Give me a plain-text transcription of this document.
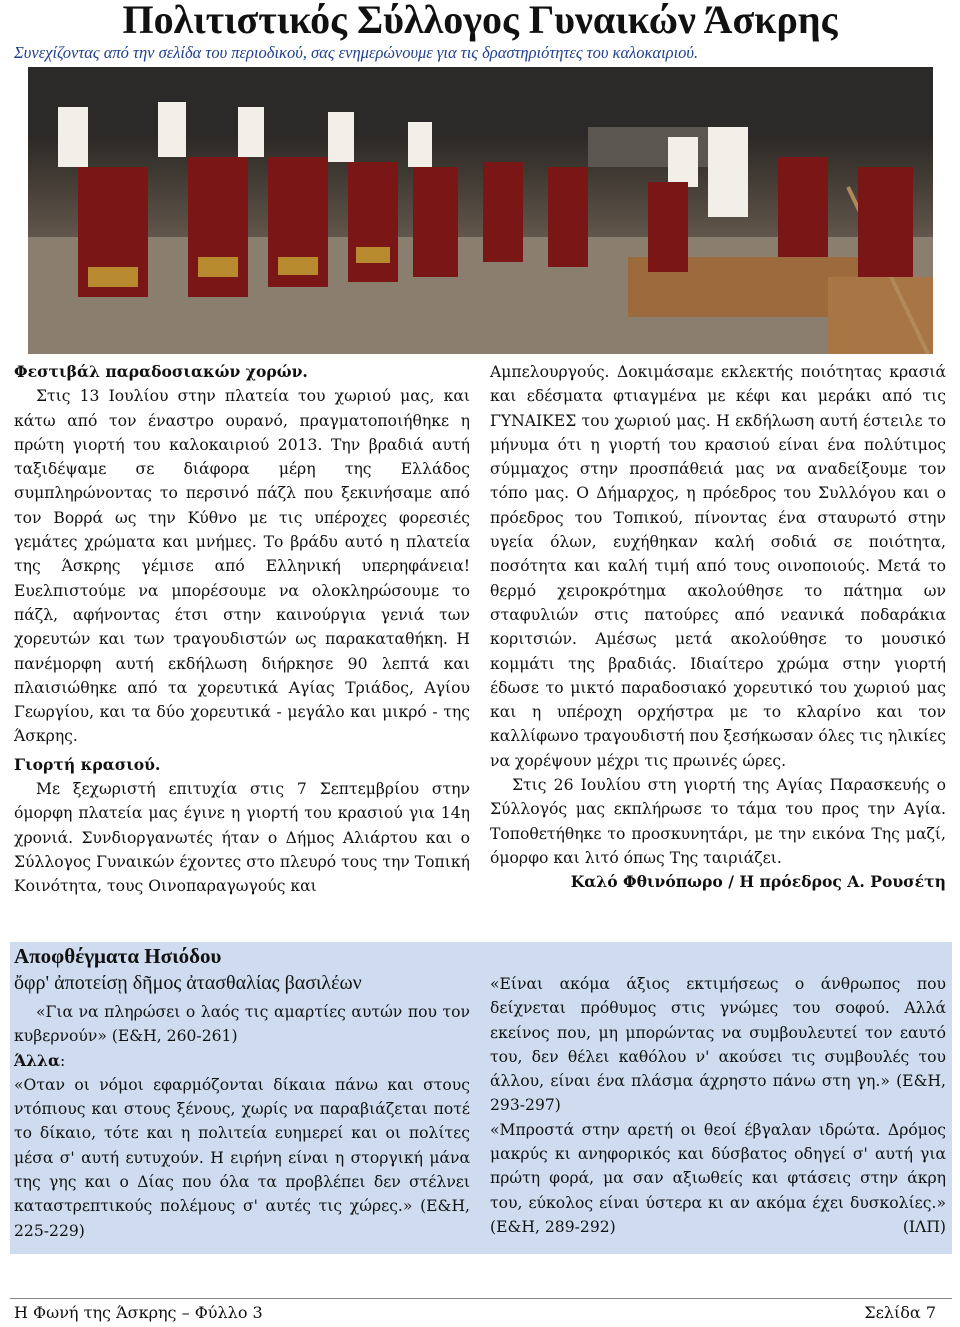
Πολιτιστικός Σύλλογος Γυναικών Άσκρης
Συνεχίζοντας από την σελίδα του περιοδικού, σας ενημερώνουμε για τις δραστηριότητες του καλοκαιριού.

Φεστιβάλ παραδοσιακών χορών.

Στις 13 Ιουλίου στην πλατεία του χωριού μας, και κάτω από τον έναστρο ουρανό, πραγματοποιήθηκε η πρώτη γιορτή του καλοκαιριού 2013. Την βραδιά αυτή ταξιδέψαμε σε διάφορα μέρη της Ελλάδος συμπληρώνοντας το περσινό πάζλ που ξεκινήσαμε από τον Βορρά ως την Κύθνο με τις υπέροχες φορεσιές γεμάτες χρώματα και μνήμες. Το βράδυ αυτό η πλατεία της Άσκρης γέμισε από Ελληνική υπερηφάνεια! Ευελπιστούμε να μπορέσουμε να ολοκληρώσουμε το πάζλ, αφήνοντας έτσι στην καινούργια γενιά των χορευτών και των τραγουδιστών ως παρακαταθήκη. Η πανέμορφη αυτή εκδήλωση διήρκησε 90 λεπτά και πλαισιώθηκε από τα χορευτικά Αγίας Τριάδος, Αγίου Γεωργίου, και τα δύο χορευτικά - μεγάλο και μικρό - της Άσκρης.

Γιορτή κρασιού.

Με ξεχωριστή επιτυχία στις 7 Σεπτεμβρίου στην όμορφη πλατεία μας έγινε η γιορτή του κρασιού για 14η χρονιά. Συνδιοργανωτές ήταν ο Δήμος Αλιάρτου και ο Σύλλογος Γυναικών έχοντες στο πλευρό τους την Τοπική Κοινότητα, τους Οινοπαραγωγούς και

Αμπελουργούς. Δοκιμάσαμε εκλεκτής ποιότητας κρασιά και εδέσματα φτιαγμένα με κέφι και μεράκι από τις ΓΥΝΑΙΚΕΣ του χωριού μας. Η εκδήλωση αυτή έστειλε το μήνυμα ότι η γιορτή του κρασιού είναι ένα πολύτιμος σύμμαχος στην προσπάθειά μας να αναδείξουμε τον τόπο μας. Ο Δήμαρχος, η πρόεδρος του Συλλόγου και ο πρόεδρος του Τοπικού, πίνοντας ένα σταυρωτό στην υγεία όλων, ευχήθηκαν καλή σοδιά σε ποιότητα, ποσότητα και καλή τιμή από τους οινοποιούς. Μετά το θερμό χειροκρότημα ακολούθησε το πάτημα ων σταφυλιών στις πατούρες από νεανικά ποδαράκια κοριτσιών. Αμέσως μετά ακολούθησε το μουσικό κομμάτι της βραδιάς. Ιδιαίτερο χρώμα στην γιορτή έδωσε το μικτό παραδοσιακό χορευτικό του χωριού μας και η υπέροχη ορχήστρα με το κλαρίνο και τον καλλίφωνο τραγουδιστή που ξεσήκωσαν όλες τις ηλικίες να χορέψουν μέχρι τις πρωινές ώρες.

Στις 26 Ιουλίου στη γιορτή της Αγίας Παρασκευής ο Σύλλογός μας εκπλήρωσε το τάμα του προς την Αγία. Τοποθετήθηκε το προσκυνητάρι, με την εικόνα Της μαζί, όμορφο και λιτό όπως Της ταιριάζει.

Καλό Φθινόπωρο / Η πρόεδρος Α. Ρουσέτη

Αποφθέγματα Ησιόδου
ὄφρ' ἀποτείσῃ δῆμος ἀτασθαλίας βασιλέων

«Για να πληρώσει ο λαός τις αμαρτίες αυτών που τον κυβερνούν» (Ε&Η, 260-261)

Άλλα:

«Οταν οι νόμοι εφαρμόζονται δίκαια πάνω και στους ντόπιους και στους ξένους, χωρίς να παραβιάζεται ποτέ το δίκαιο, τότε και η πολιτεία ευημερεί και οι πολίτες μέσα σ' αυτή ευτυχούν. Η ειρήνη είναι η στοργική μάνα της γης και ο Δίας που όλα τα προβλέπει δεν στέλνει καταστρεπτικούς πολέμους σ' αυτές τις χώρες.» (Ε&Η, 225-229)

«Είναι ακόμα άξιος εκτιμήσεως ο άνθρωπος που δείχνεται πρόθυμος στις γνώμες του σοφού. Αλλά εκείνος που, μη μπορώντας να συμβουλευτεί τον εαυτό του, δεν θέλει καθόλου ν' ακούσει τις συμβουλές του άλλου, είναι ένα πλάσμα άχρηστο πάνω στη γη.» (Ε&Η, 293-297)

«Μπροστά στην αρετή οι θεοί έβγαλαν ιδρώτα. Δρόμος μακρύς κι ανηφορικός και δύσβατος οδηγεί σ' αυτή για πρώτη φορά, μα σαν αξιωθείς και φτάσεις στην άκρη του, εύκολος είναι ύστερα κι αν ακόμα έχει δυσκολίες.» (Ε&Η, 289-292)	(ΙΛΠ)

Η Φωνή της Άσκρης – Φύλλο 3	Σελίδα 7
